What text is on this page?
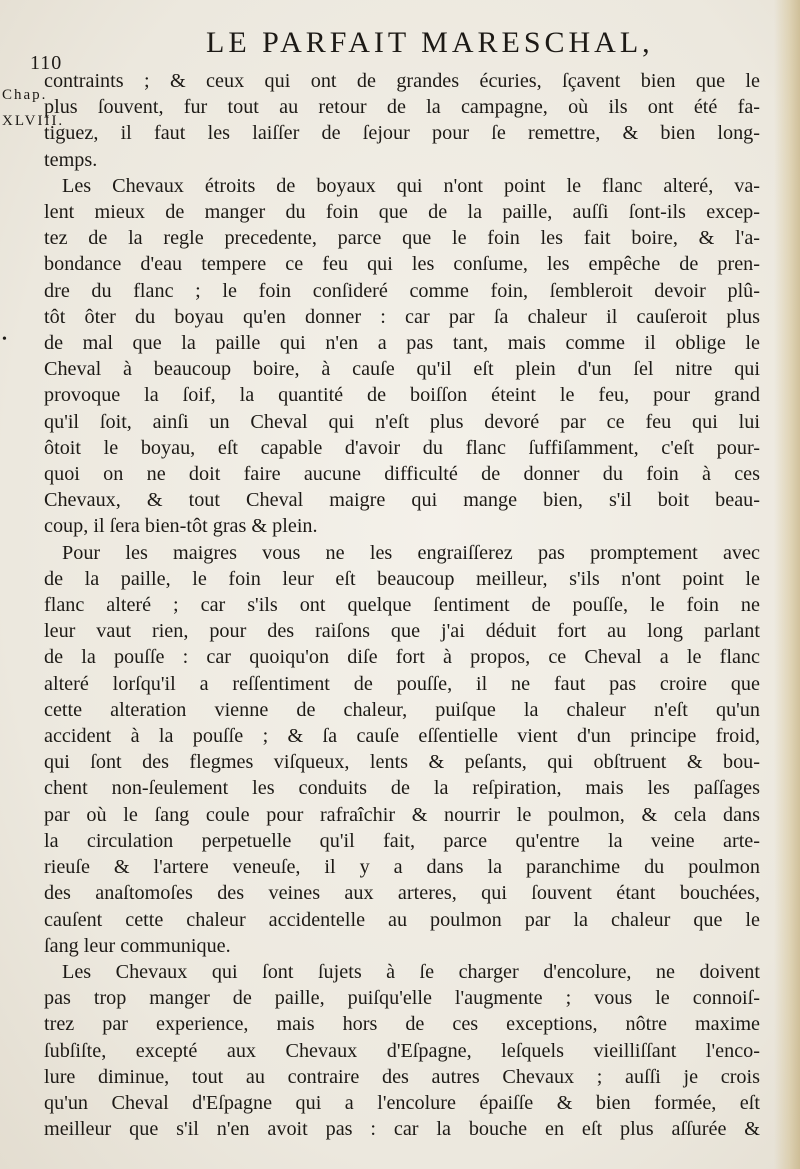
110
LE PARFAIT MARESCHAL,
Chap.
XLVIII.
•
contraints ; & ceux qui ont de grandes écuries, ſçavent bien que le
plus ſouvent, fur tout au retour de la campagne, où ils ont été fa-
tiguez, il faut les laiſſer de ſejour pour ſe remettre, & bien long-
temps.
Les Chevaux étroits de boyaux qui n'ont point le flanc alteré, va-
lent mieux de manger du foin que de la paille, auſſi ſont-ils excep-
tez de la regle precedente, parce que le foin les fait boire, & l'a-
bondance d'eau tempere ce feu qui les conſume, les empêche de pren-
dre du flanc ; le foin conſideré comme foin, ſembleroit devoir plû-
tôt ôter du boyau qu'en donner : car par ſa chaleur il cauſeroit plus
de mal que la paille qui n'en a pas tant, mais comme il oblige le
Cheval à beaucoup boire, à cauſe qu'il eſt plein d'un ſel nitre qui
provoque la ſoif, la quantité de boiſſon éteint le feu, pour grand
qu'il ſoit, ainſi un Cheval qui n'eſt plus devoré par ce feu qui lui
ôtoit le boyau, eſt capable d'avoir du flanc ſuffiſamment, c'eſt pour-
quoi on ne doit faire aucune difficulté de donner du foin à ces
Chevaux, & tout Cheval maigre qui mange bien, s'il boit beau-
coup, il ſera bien-tôt gras & plein.
Pour les maigres vous ne les engraiſſerez pas promptement avec
de la paille, le foin leur eſt beaucoup meilleur, s'ils n'ont point le
flanc alteré ; car s'ils ont quelque ſentiment de pouſſe, le foin ne
leur vaut rien, pour des raiſons que j'ai déduit fort au long parlant
de la pouſſe : car quoiqu'on diſe fort à propos, ce Cheval a le flanc
alteré lorſqu'il a reſſentiment de pouſſe, il ne faut pas croire que
cette alteration vienne de chaleur, puiſque la chaleur n'eſt qu'un
accident à la pouſſe ; & ſa cauſe eſſentielle vient d'un principe froid,
qui ſont des flegmes viſqueux, lents & peſants, qui obſtruent & bou-
chent non-ſeulement les conduits de la reſpiration, mais les paſſages
par où le ſang coule pour rafraîchir & nourrir le poulmon, & cela dans
la circulation perpetuelle qu'il fait, parce qu'entre la veine arte-
rieuſe & l'artere veneuſe, il y a dans la paranchime du poulmon
des anaſtomoſes des veines aux arteres, qui ſouvent étant bouchées,
cauſent cette chaleur accidentelle au poulmon par la chaleur que le
ſang leur communique.
Les Chevaux qui ſont ſujets à ſe charger d'encolure, ne doivent
pas trop manger de paille, puiſqu'elle l'augmente ; vous le connoiſ-
trez par experience, mais hors de ces exceptions, nôtre maxime
ſubſiſte, excepté aux Chevaux d'Eſpagne, leſquels vieilliſſant l'enco-
lure diminue, tout au contraire des autres Chevaux ; auſſi je crois
qu'un Cheval d'Eſpagne qui a l'encolure épaiſſe & bien formée, eſt
meilleur que s'il n'en avoit pas : car la bouche en eſt plus aſſurée &
